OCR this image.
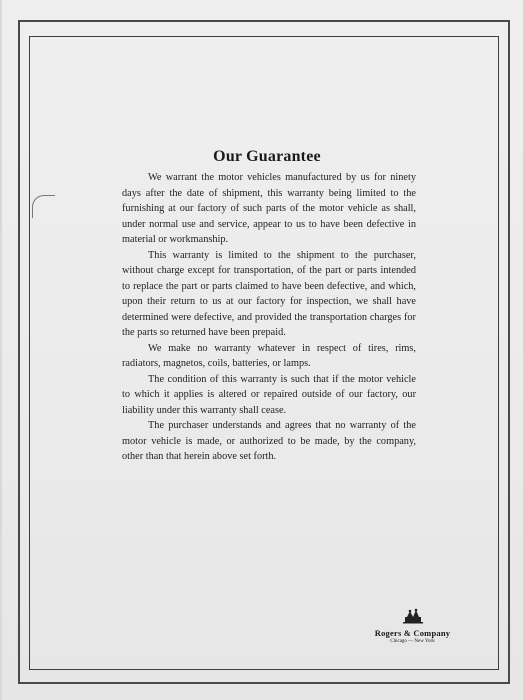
Our Guarantee

We warrant the motor vehicles manufactured by us for ninety days after the date of shipment, this warranty being limited to the furnishing at our factory of such parts of the motor vehicle as shall, under normal use and service, appear to us to have been defective in material or workmanship.

This warranty is limited to the shipment to the purchaser, without charge except for transportation, of the part or parts intended to replace the part or parts claimed to have been defective, and which, upon their return to us at our factory for inspection, we shall have determined were defective, and provided the transportation charges for the parts so returned have been prepaid.

We make no warranty whatever in respect of tires, rims, radiators, magnetos, coils, batteries, or lamps.

The condition of this warranty is such that if the motor vehicle to which it applies is altered or repaired outside of our factory, our liability under this warranty shall cease.

The purchaser understands and agrees that no warranty of the motor vehicle is made, or authorized to be made, by the company, other than that herein above set forth.

Rogers & Company
Chicago — New York
